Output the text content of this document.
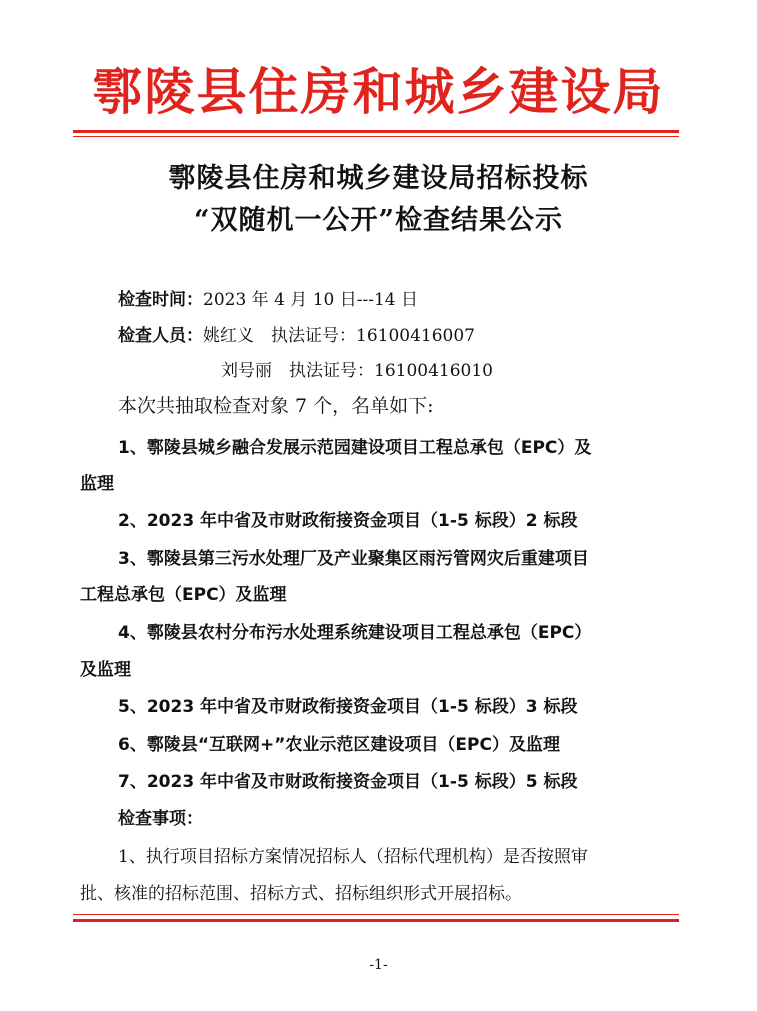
鄠陵县住房和城乡建设局
鄠陵县住房和城乡建设局招标投标
“双随机一公开”检查结果公示
检查时间：2023 年 4 月 10 日---14 日
检查人员：姚红义　执法证号：16100416007
刘号丽　执法证号：16100416010
本次共抽取检查对象 7 个，名单如下:
1、鄠陵县城乡融合发展示范园建设项目工程总承包（EPC）及
监理
2、2023 年中省及市财政衔接资金项目（1-5 标段）2 标段
3、鄠陵县第三污水处理厂及产业聚集区雨污管网灾后重建项目
工程总承包（EPC）及监理
4、鄠陵县农村分布污水处理系统建设项目工程总承包（EPC）
及监理
5、2023 年中省及市财政衔接资金项目（1-5 标段）3 标段
6、鄠陵县“互联网+”农业示范区建设项目（EPC）及监理
7、2023 年中省及市财政衔接资金项目（1-5 标段）5 标段
检查事项：
1、执行项目招标方案情况招标人（招标代理机构）是否按照审
批、核准的招标范围、招标方式、招标组织形式开展招标。
-1-
